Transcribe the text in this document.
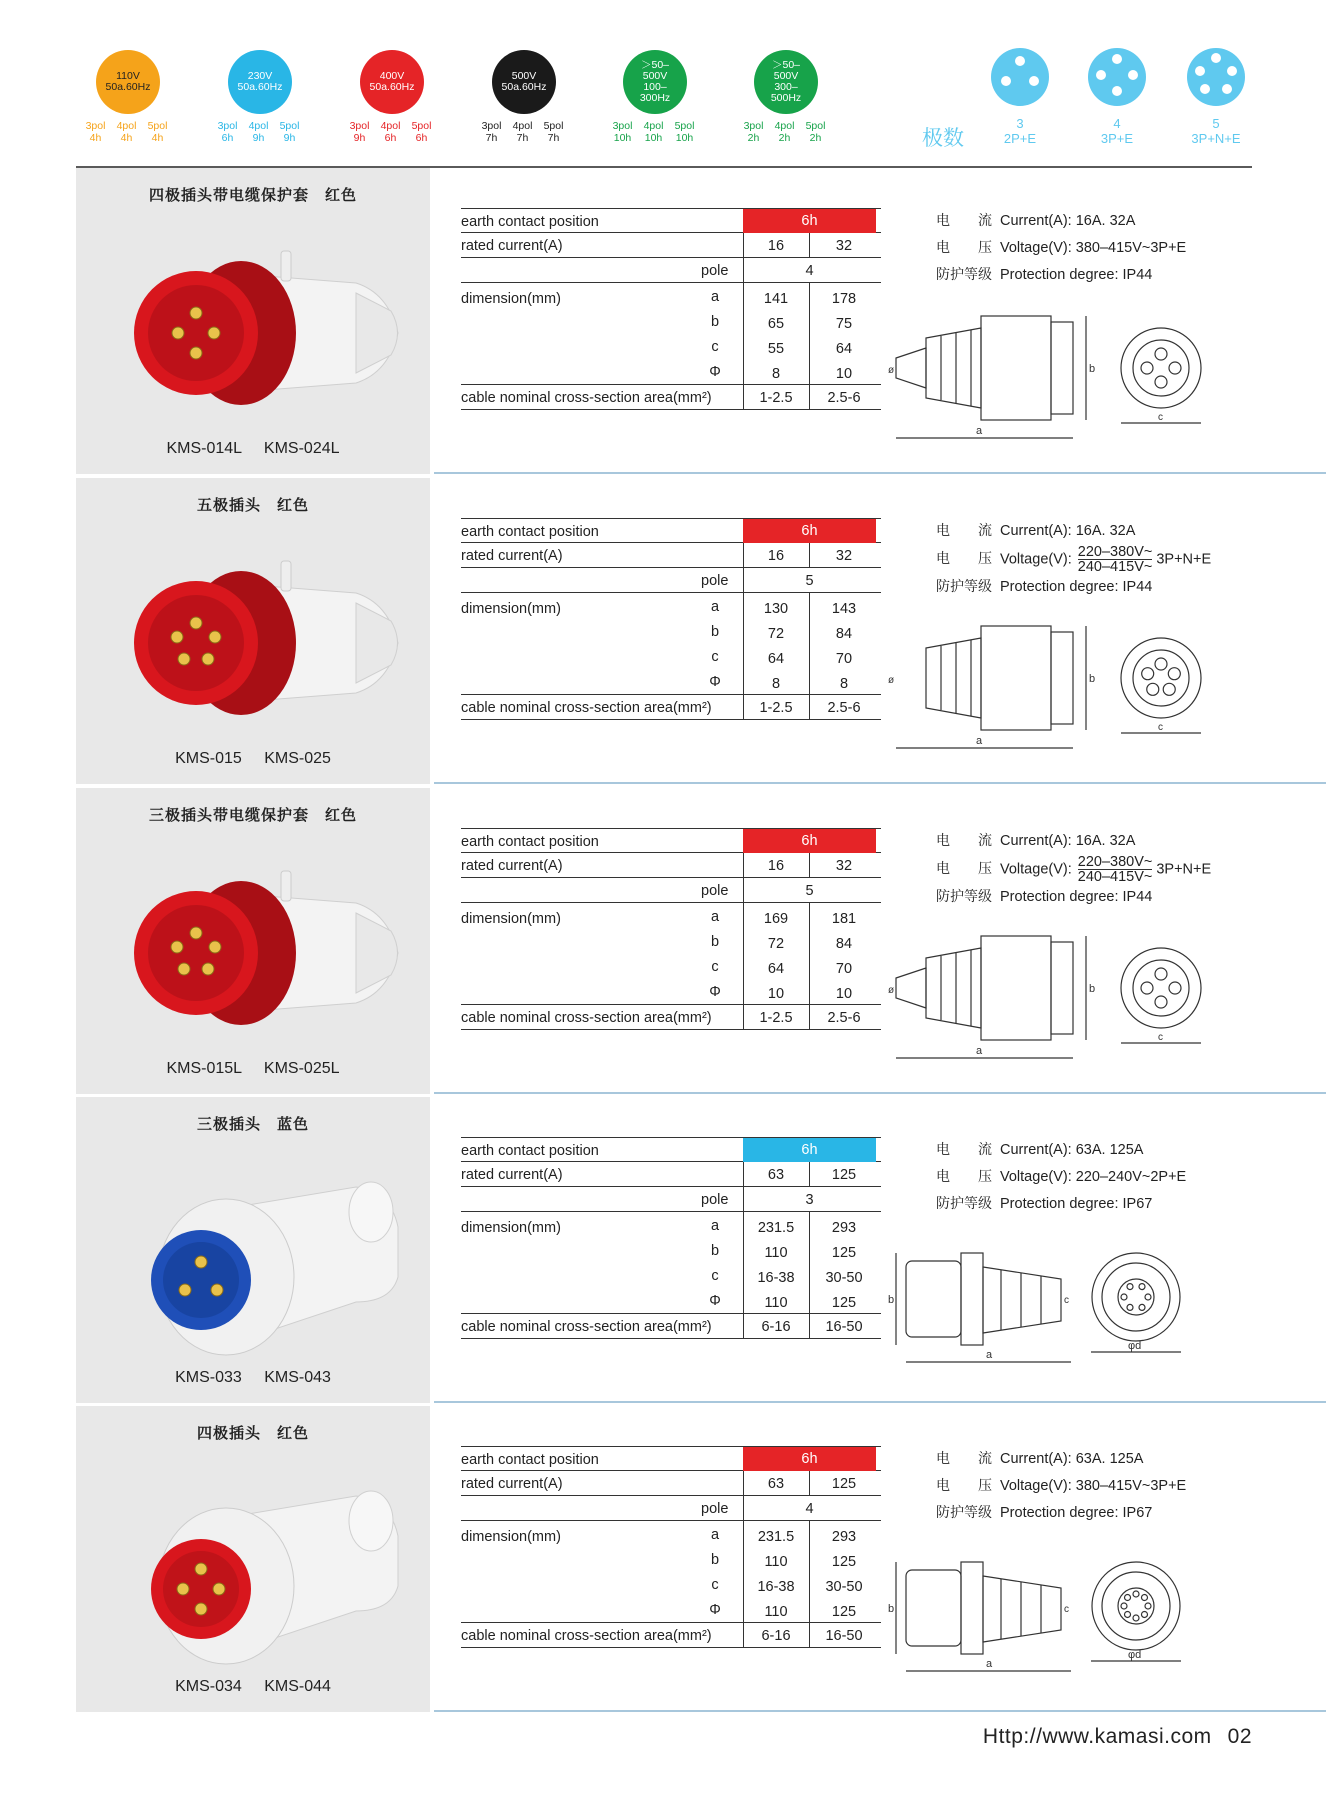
110V
50a.60Hz
3pol 4pol 5pol
4h 4h 4h
230V
50a.60Hz
3pol 4pol 5pol
6h 9h 9h
400V
50a.60Hz
3pol 4pol 5pol
9h 6h 6h
500V
50a.60Hz
3pol 4pol 5pol
7h 7h 7h
＞50–
500V
100–
300Hz
3pol 4pol 5pol
10h 10h 10h
＞50–
500V
300–
500Hz
3pol 4pol 5pol
2h 2h 2h	极数
3
2P+E
4
3P+E
5
3P+N+E
四极插头带电缆保护套　红色
KMS-014L KMS-024L
earth contact position	6h
rated current(A)	16	32
pole	4
dimension(mm)	a	141	178
b	65	75
c	55	64
Φ	8	10
cable nominal cross-section area(mm²)	1-2.5	2.5-6
电　　流 Current(A): 16A. 32A
电　　压 Voltage(V): 380–415V~3P+E
防护等级 Protection degree: IP44
a
b
ø
c
五极插头　红色
KMS-015 KMS-025
earth contact position	6h
rated current(A)	16	32
pole	5
dimension(mm)	a	130	143
b	72	84
c	64	70
Φ	8	8
cable nominal cross-section area(mm²)	1-2.5	2.5-6
电　　流 Current(A): 16A. 32A
电　　压 Voltage(V): $\frac{220-380V\sim}{240-415V\sim} 3P+N+E$
防护等级 Protection degree: IP44
a
b
ø
c
三极插头带电缆保护套　红色
KMS-015L KMS-025L
earth contact position	6h
rated current(A)	16	32
pole	5
dimension(mm)	a	169	181
b	72	84
c	64	70
Φ	10	10
cable nominal cross-section area(mm²)	1-2.5	2.5-6
电　　流 Current(A): 16A. 32A
电　　压 Voltage(V): $\frac{220-380V\sim}{240-415V\sim} 3P+N+E$
防护等级 Protection degree: IP44
a
b
ø
c
三极插头　蓝色
KMS-033 KMS-043
earth contact position	6h
rated current(A)	63	125
pole	3
dimension(mm)	a	231.5	293
b	110	125
c	16-38	30-50
Φ	110	125
cable nominal cross-section area(mm²)	6-16	16-50
电　　流 Current(A): 63A. 125A
电　　压 Voltage(V): 220–240V~2P+E
防护等级 Protection degree: IP67
a
b	c
φd
四极插头　红色
KMS-034 KMS-044
earth contact position	6h
rated current(A)	63	125
pole	4
dimension(mm)	a	231.5	293
b	110	125
c	16-38	30-50
Φ	110	125
cable nominal cross-section area(mm²)	6-16	16-50
电　　流 Current(A): 63A. 125A
电　　压 Voltage(V): 380–415V~3P+E
防护等级 Protection degree: IP67
a
b	c
φd
Http://www.kamasi.com 02
